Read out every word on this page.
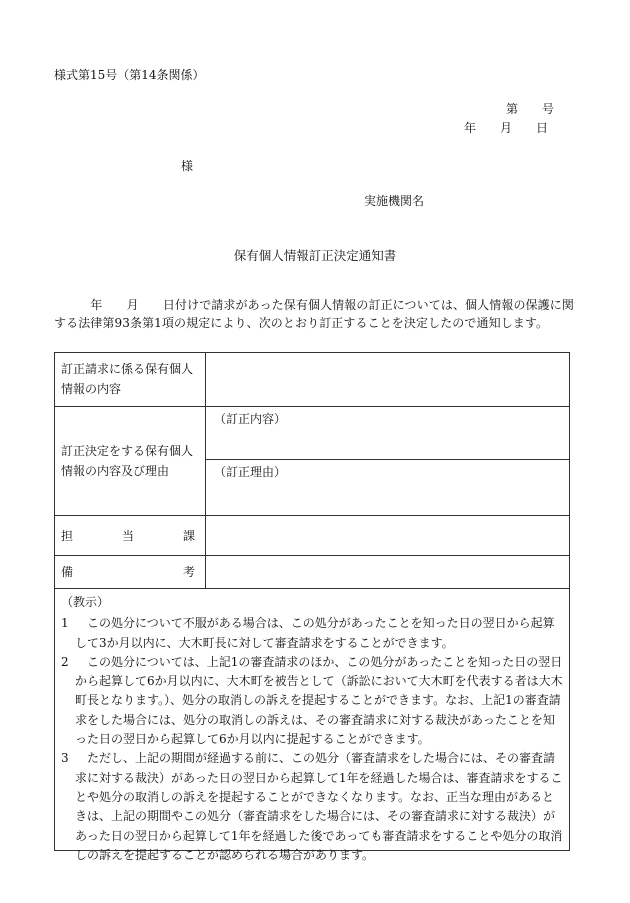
様式第15号（第14条関係）
第　　号
年　　月　　日
様
実施機関名
保有個人情報訂正決定通知書
　　　年　　月　　日付けで請求があった保有個人情報の訂正については、個人情報の保護に関する法律第93条第1項の規定により、次のとおり訂正することを決定したので通知します。
訂正請求に係る保有個人情報の内容	

訂正決定をする保有個人情報の内容及び理由	（訂正内容）
（訂正理由）

担 当 課	

備 考	

（教示）
1 　この処分について不服がある場合は、この処分があったことを知った日の翌日から起算して3か月以内に、大木町長に対して審査請求をすることができます。
2 　この処分については、上記1の審査請求のほか、この処分があったことを知った日の翌日から起算して6か月以内に、大木町を被告として（訴訟において大木町を代表する者は大木町長となります。）、処分の取消しの訴えを提起することができます。なお、上記1の審査請求をした場合には、処分の取消しの訴えは、その審査請求に対する裁決があったことを知った日の翌日から起算して6か月以内に提起することができます。
3 　ただし、上記の期間が経過する前に、この処分（審査請求をした場合には、その審査請求に対する裁決）があった日の翌日から起算して1年を経過した場合は、審査請求をすることや処分の取消しの訴えを提起することができなくなります。なお、正当な理由があるときは、上記の期間やこの処分（審査請求をした場合には、その審査請求に対する裁決）があった日の翌日から起算して1年を経過した後であっても審査請求をすることや処分の取消しの訴えを提起することが認められる場合があります。
